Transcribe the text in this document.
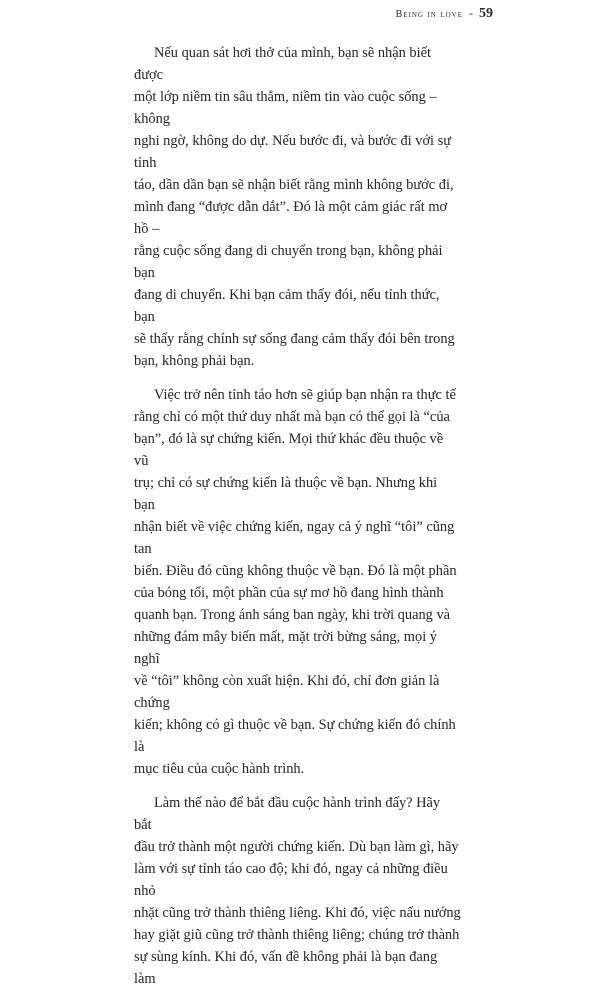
Being in love - 59

Nếu quan sát hơi thở của mình, bạn sẽ nhận biết được
một lớp niềm tin sâu thẳm, niềm tin vào cuộc sống – không
nghi ngờ, không do dự. Nếu bước đi, và bước đi với sự tỉnh
táo, dần dần bạn sẽ nhận biết rằng mình không bước đi,
mình đang “được dẫn dắt”. Đó là một cảm giác rất mơ hồ –
rằng cuộc sống đang di chuyển trong bạn, không phải bạn
đang di chuyển. Khi bạn cảm thấy đói, nếu tỉnh thức, bạn
sẽ thấy rằng chính sự sống đang cảm thấy đói bên trong
bạn, không phải bạn.

Việc trở nên tỉnh táo hơn sẽ giúp bạn nhận ra thực tế
rằng chỉ có một thứ duy nhất mà bạn có thể gọi là “của
bạn”, đó là sự chứng kiến. Mọi thứ khác đều thuộc về vũ
trụ; chỉ có sự chứng kiến là thuộc về bạn. Nhưng khi bạn
nhận biết về việc chứng kiến, ngay cả ý nghĩ “tôi” cũng tan
biến. Điều đó cũng không thuộc về bạn. Đó là một phần
của bóng tối, một phần của sự mơ hồ đang hình thành
quanh bạn. Trong ánh sáng ban ngày, khi trời quang và
những đám mây biến mất, mặt trời bừng sáng, mọi ý nghĩ
về “tôi” không còn xuất hiện. Khi đó, chỉ đơn giản là chứng
kiến; không có gì thuộc về bạn. Sự chứng kiến đó chính là
mục tiêu của cuộc hành trình.

Làm thế nào để bắt đầu cuộc hành trình đấy? Hãy bắt
đầu trở thành một người chứng kiến. Dù bạn làm gì, hãy
làm với sự tỉnh táo cao độ; khi đó, ngay cả những điều nhỏ
nhặt cũng trở thành thiêng liêng. Khi đó, việc nấu nướng
hay giặt giũ cũng trở thành thiêng liêng; chúng trở thành
sự sùng kính. Khi đó, vấn đề không phải là bạn đang làm
